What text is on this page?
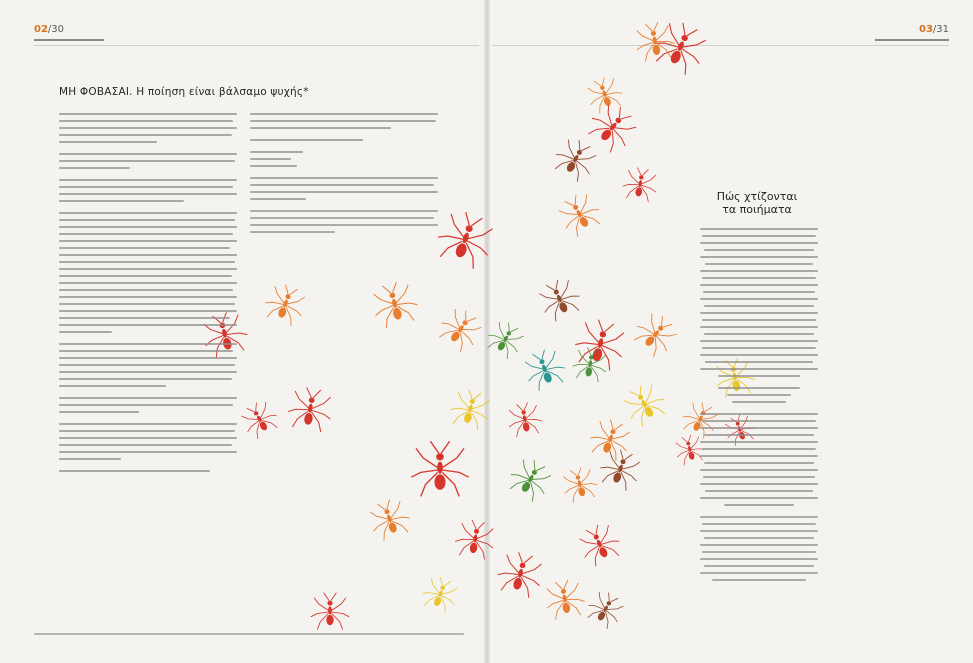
02/30	03/31
ΜΗ ΦΟΒΑΣΑΙ. Η ποίηση είναι βάλσαμο ψυχής*
Πώς χτίζονται
τα ποιήματα
